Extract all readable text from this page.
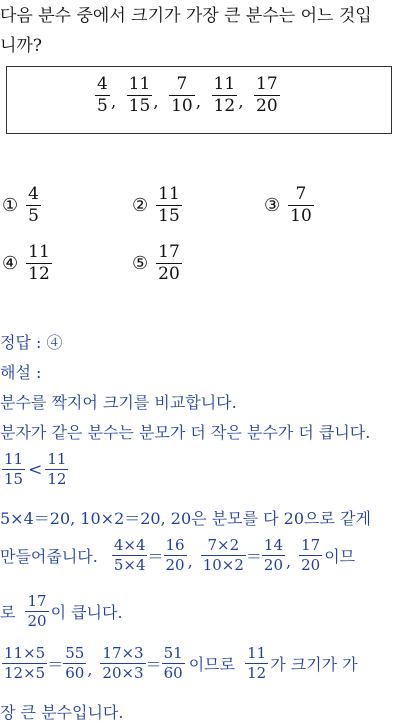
다음 분수 중에서 크기가 가장 큰 분수는 어느 것입
니까?
$\frac{4}{5}$ , $\frac{11}{15}$ , $\frac{7}{10}$ , $\frac{11}{12}$ , $\frac{17}{20}$
① $\frac{4}{5}$	② $\frac{11}{15}$	③ $\frac{7}{10}$
④ $\frac{11}{12}$	⑤ $\frac{17}{20}$
정답 : ④
해설 :
분수를 짝지어 크기를 비교합니다.
분자가 같은 분수는 분모가 더 작은 분수가 더 큽니다.
$\frac{11}{15} < \frac{11}{12}$
5×4＝20, 10×2＝20, 20은 분모를 다 20으로 같게
만들어줍니다. $\frac{4\times 4}{5\times 4} = \frac{16}{20}$ , $\frac{7\times 2}{10\times 2} = \frac{14}{20}$ , $\frac{17}{20}$ 이므
로 $\frac{17}{20}$ 이 큽니다.
$\frac{11\times 5}{12\times 5} = \frac{55}{60}$ , $\frac{17\times 3}{20\times 3} = \frac{51}{60}$ 이므로 $\frac{11}{12}$ 가 크기가 가
장 큰 분수입니다.
